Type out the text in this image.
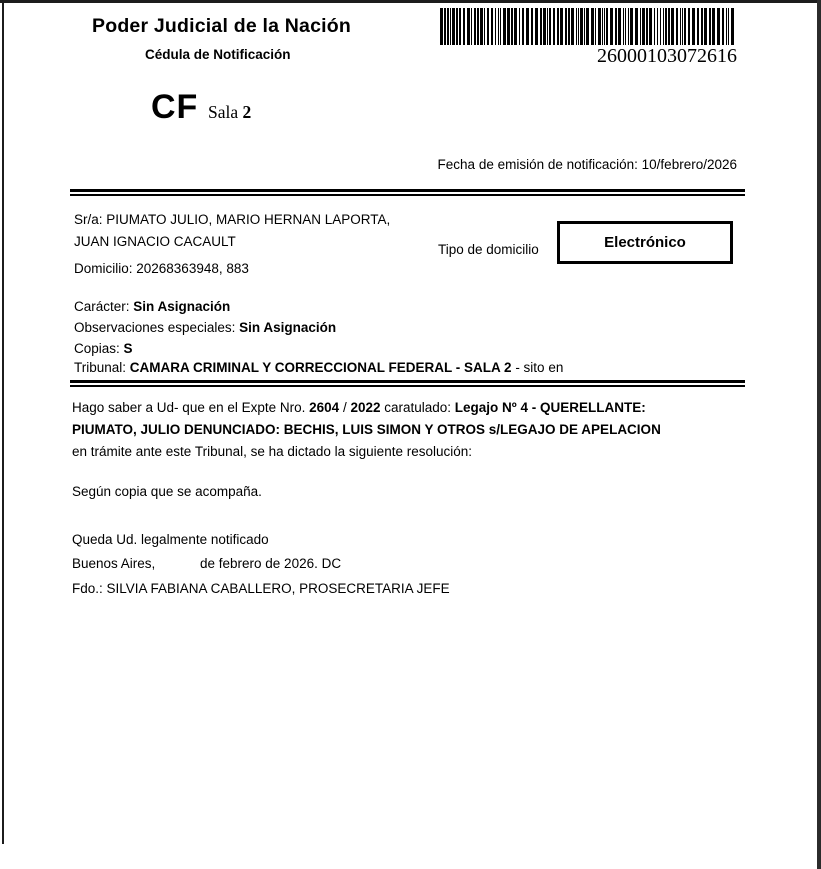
Poder Judicial de la Nación
Cédula de Notificación	26000103072616
CF Sala 2
Fecha de emisión de notificación: 10/febrero/2026
Sr/a: PIUMATO JULIO, MARIO HERNAN LAPORTA,
JUAN IGNACIO CACAULT
Domicilio: 20268363948, 883
Tipo de domicilio	Electrónico
Carácter: Sin Asignación
Observaciones especiales: Sin Asignación
Copias: S
Tribunal: CAMARA CRIMINAL Y CORRECCIONAL FEDERAL - SALA 2 - sito en
Hago saber a Ud- que en el Expte Nro. 2604 / 2022 caratulado: Legajo Nº 4 - QUERELLANTE:
PIUMATO, JULIO DENUNCIADO: BECHIS, LUIS SIMON Y OTROS s/LEGAJO DE APELACION
en trámite ante este Tribunal, se ha dictado la siguiente resolución:
Según copia que se acompaña.
Queda Ud. legalmente notificado
Buenos Aires,	de febrero de 2026. DC
Fdo.: SILVIA FABIANA CABALLERO, PROSECRETARIA JEFE
